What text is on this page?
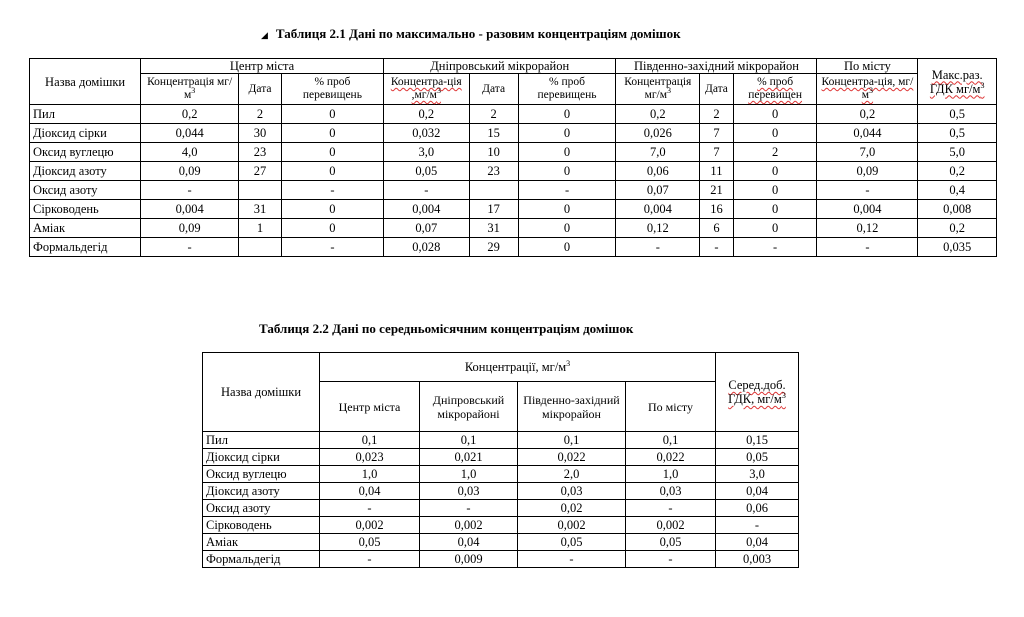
◢ Таблиця 2.1 Дані по максимально - разовим концентраціям домішок
Назва домішки	Центр міста			Дніпровський мікрорайон			Південно-західний мікрорайон			По місту	Макс.раз. ГДК $мг/м^3$
	Концентрація $мг/м^3$	Дата	% проб перевищень	Концентра-ція $,мг/м^3$	Дата	% проб перевищень	Концентрація $мг/м^3$	Дата	% проб перевищен	Концентра-ція, $мг/м^3$
Пил	0,2	2	0	0,2	2	0	0,2	2	0	0,2	0,5
Діоксид сірки	0,044	30	0	0,032	15	0	0,026	7	0	0,044	0,5
Оксид вуглецю	4,0	23	0	3,0	10	0	7,0	7	2	7,0	5,0
Діоксид азоту	0,09	27	0	0,05	23	0	0,06	11	0	0,09	0,2
Оксид азоту	-		-	-		-	0,07	21	0	-	0,4
Сірководень	0,004	31	0	0,004	17	0	0,004	16	0	0,004	0,008
Аміак	0,09	1	0	0,07	31	0	0,12	6	0	0,12	0,2
Формальдегід	-		-	0,028	29	0	-	-	-	-	0,035
Таблиця 2.2 Дані по середньомісячним концентраціям домішок
Назва домішки	Концентрації, $мг/м^3$				Серед.доб. ГДК, $мг/м^3$
	Центр міста	Дніпровський мікрорайоні	Південно-західний мікрорайон	По місту	
Пил	0,1	0,1	0,1	0,1	0,15
Діоксид сірки	0,023	0,021	0,022	0,022	0,05
Оксид вуглецю	1,0	1,0	2,0	1,0	3,0
Діоксид азоту	0,04	0,03	0,03	0,03	0,04
Оксид азоту	-	-	0,02	-	0,06
Сірководень	0,002	0,002	0,002	0,002	-
Аміак	0,05	0,04	0,05	0,05	0,04
Формальдегід	-	0,009	-	-	0,003
